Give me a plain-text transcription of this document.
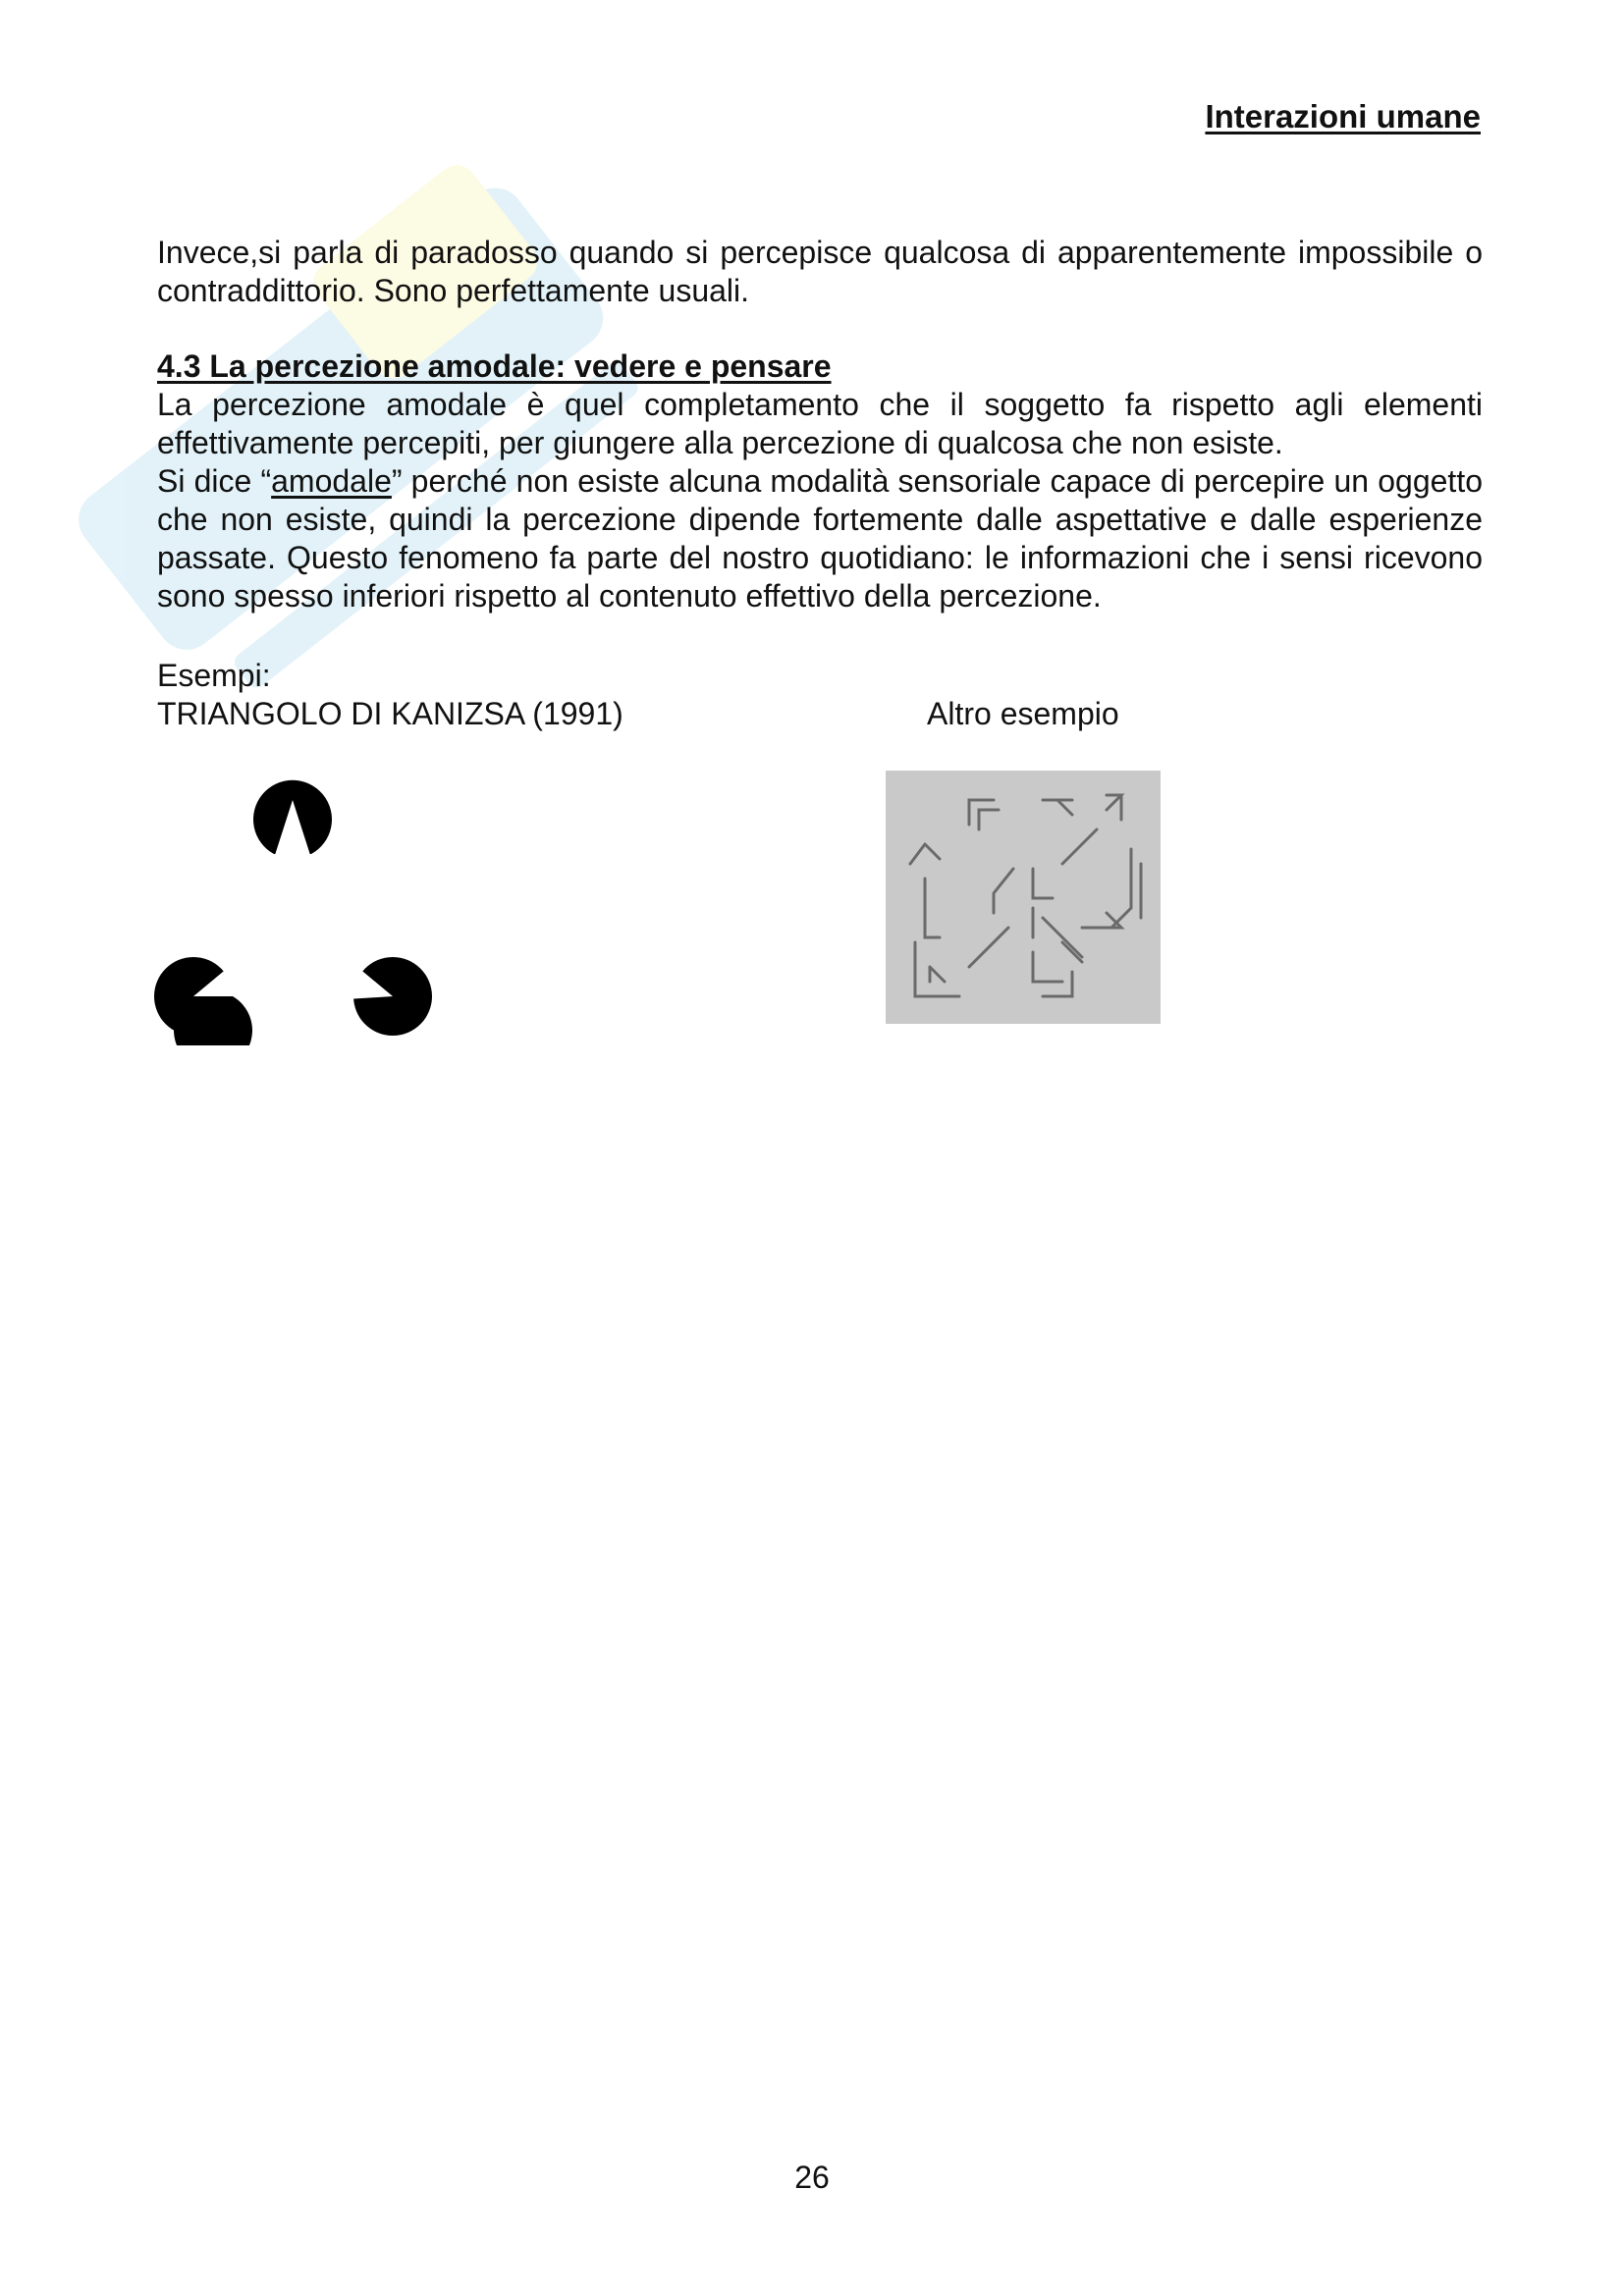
Interazioni umane

Invece,si parla di paradosso quando si percepisce qualcosa di apparentemente impossibile o contraddittorio. Sono perfettamente usuali.

4.3 La percezione amodale: vedere e pensare

La percezione amodale è quel completamento che il soggetto fa rispetto agli elementi effettivamente percepiti, per giungere alla percezione di qualcosa che non esiste.

Si dice “amodale” perché non esiste alcuna modalità sensoriale capace di percepire un oggetto che non esiste, quindi la percezione dipende fortemente dalle aspettative e dalle esperienze passate. Questo fenomeno fa parte del nostro quotidiano: le informazioni che i sensi ricevono sono spesso inferiori rispetto al contenuto effettivo della percezione.

Esempi:
TRIANGOLO DI KANIZSA (1991)	Altro esempio
26
